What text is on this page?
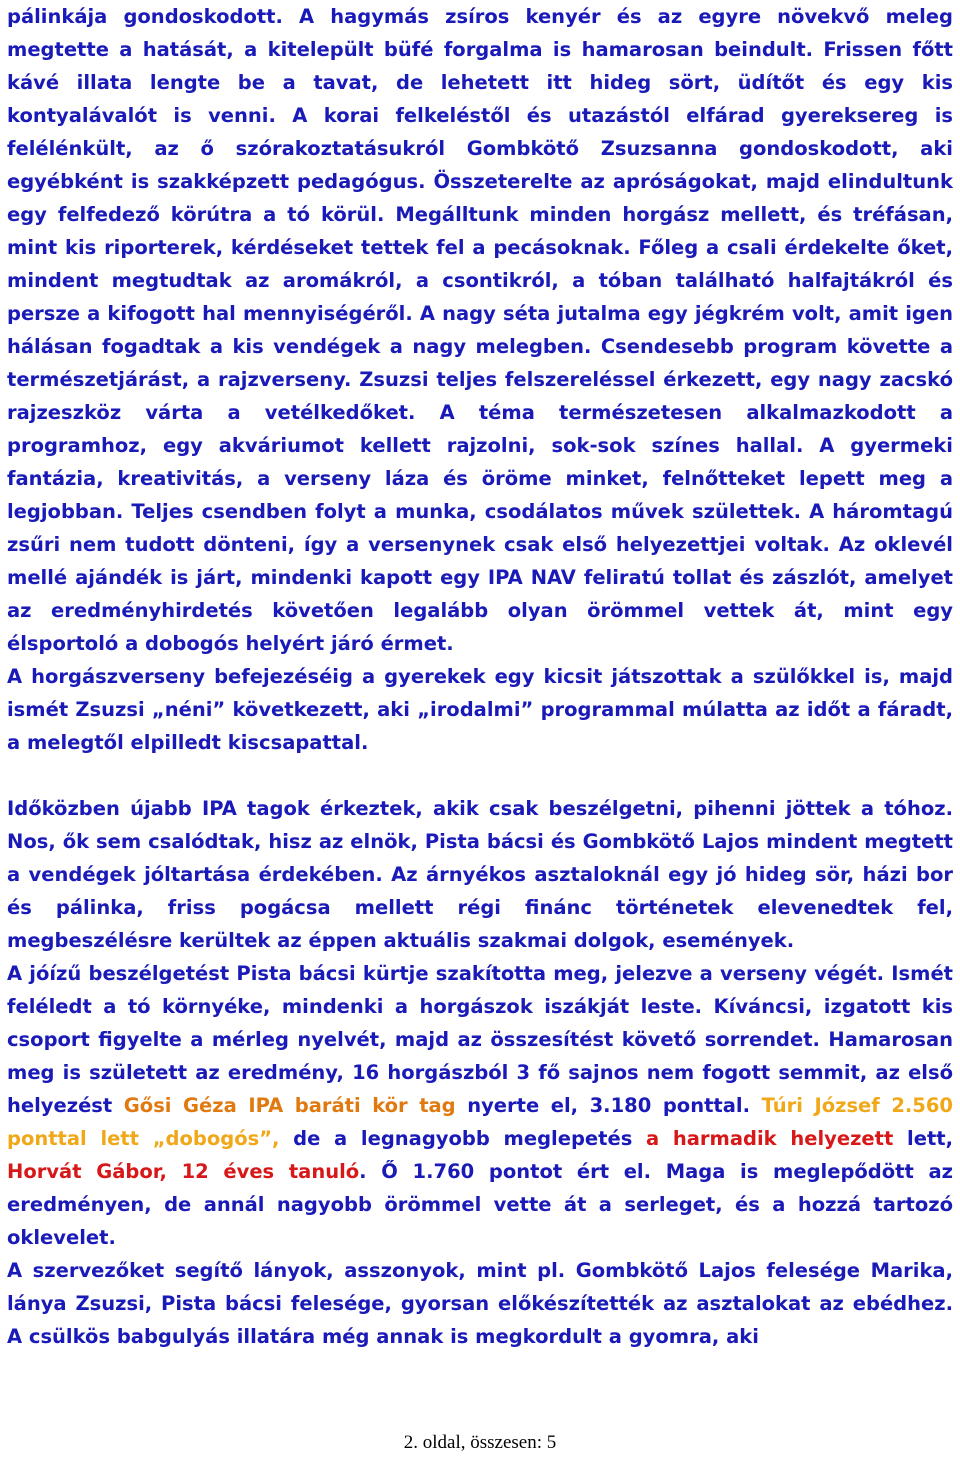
pálinkája gondoskodott. A hagymás zsíros kenyér és az egyre növekvő meleg megtette a hatását, a kitelepült büfé forgalma is hamarosan beindult. Frissen főtt kávé illata lengte be a tavat, de lehetett itt hideg sört, üdítőt és egy kis kontyalávalót is venni. A korai felkeléstől és utazástól elfárad gyereksereg is felélénkült, az ő szórakoztatásukról Gombkötő Zsuzsanna gondoskodott, aki egyébként is szakképzett pedagógus. Összeterelte az apróságokat, majd elindultunk egy felfedező körútra a tó körül. Megálltunk minden horgász mellett, és tréfásan, mint kis riporterek, kérdéseket tettek fel a pecásoknak. Főleg a csali érdekelte őket, mindent megtudtak az aromákról, a csontikról, a tóban található halfajtákról és persze a kifogott hal mennyiségéről. A nagy séta jutalma egy jégkrém volt, amit igen hálásan fogadtak a kis vendégek a nagy melegben. Csendesebb program követte a természetjárást, a rajzverseny. Zsuzsi teljes felszereléssel érkezett, egy nagy zacskó rajzeszköz várta a vetélkedőket. A téma természetesen alkalmazkodott a programhoz, egy akváriumot kellett rajzolni, sok-sok színes hallal. A gyermeki fantázia, kreativitás, a verseny láza és öröme minket, felnőtteket lepett meg a legjobban. Teljes csendben folyt a munka, csodálatos művek születtek. A háromtagú zsűri nem tudott dönteni, így a versenynek csak első helyezettjei voltak. Az oklevél mellé ajándék is járt, mindenki kapott egy IPA NAV feliratú tollat és zászlót, amelyet az eredményhirdetés követően legalább olyan örömmel vettek át, mint egy élsportoló a dobogós helyért járó érmet.

A horgászverseny befejezéséig a gyerekek egy kicsit játszottak a szülőkkel is, majd ismét Zsuzsi „néni” következett, aki „irodalmi” programmal múlatta az időt a fáradt, a melegtől elpilledt kiscsapattal.

Időközben újabb IPA tagok érkeztek, akik csak beszélgetni, pihenni jöttek a tóhoz. Nos, ők sem csalódtak, hisz az elnök, Pista bácsi és Gombkötő Lajos mindent megtett a vendégek jóltartása érdekében. Az árnyékos asztaloknál egy jó hideg sör, házi bor és pálinka, friss pogácsa mellett régi finánc történetek elevenedtek fel, megbeszélésre kerültek az éppen aktuális szakmai dolgok, események.

A jóízű beszélgetést Pista bácsi kürtje szakította meg, jelezve a verseny végét. Ismét feléledt a tó környéke, mindenki a horgászok iszákját leste. Kíváncsi, izgatott kis csoport figyelte a mérleg nyelvét, majd az összesítést követő sorrendet. Hamarosan meg is született az eredmény, 16 horgászból 3 fő sajnos nem fogott semmit, az első helyezést Gősi Géza IPA baráti kör tag nyerte el, 3.180 ponttal. Túri József 2.560 ponttal lett „dobogós”, de a legnagyobb meglepetés a harmadik helyezett lett, Horvát Gábor, 12 éves tanuló. Ő 1.760 pontot ért el. Maga is meglepődött az eredményen, de annál nagyobb örömmel vette át a serleget, és a hozzá tartozó oklevelet.

A szervezőket segítő lányok, asszonyok, mint pl. Gombkötő Lajos felesége Marika, lánya Zsuzsi, Pista bácsi felesége, gyorsan előkészítették az asztalokat az ebédhez. A csülkös babgulyás illatára még annak is megkordult a gyomra, aki

2. oldal, összesen: 5
